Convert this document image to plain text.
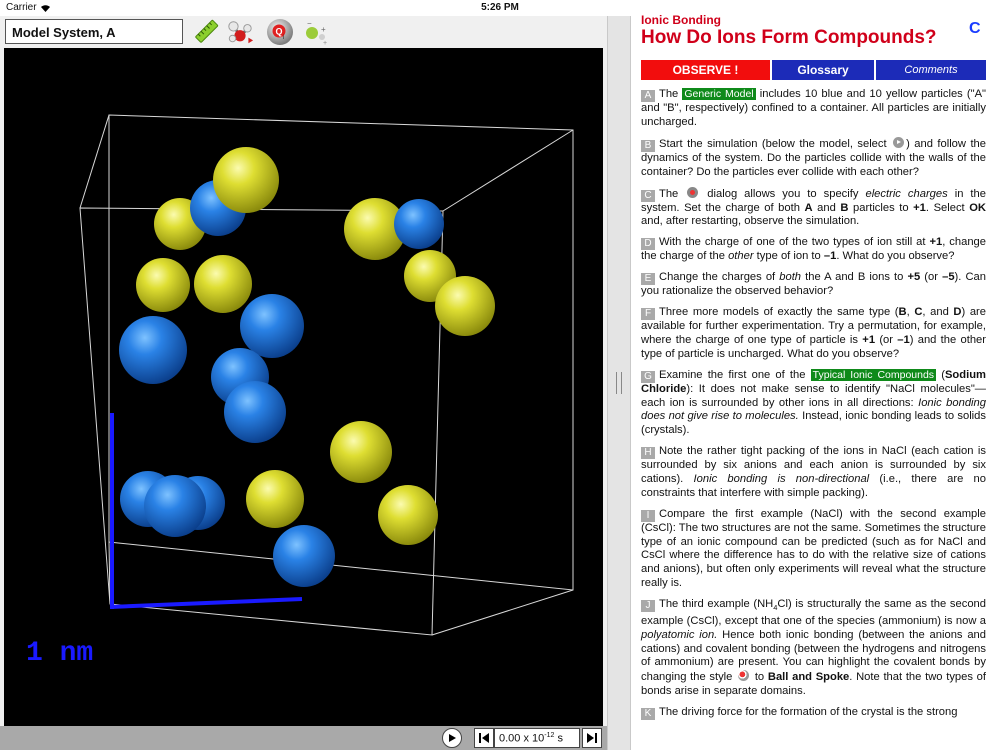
Carrier	5:26 PM
Model System, A	Q
i
−
+
+
1 nm
0.00 x $10^{-12}$ s
Ionic Bonding
How Do Ions Form Compounds? C
OBSERVE !	Glossary	Comments

A The Generic Model includes 10 blue and 10 yellow particles ("A" and "B", respectively) confined to a container. All particles are initially uncharged.

B Start the simulation (below the model, select ) and follow the dynamics of the system. Do the particles collide with the walls of the container? Do the particles ever collide with each other?

C The  dialog allows you to specify electric charges in the system. Set the charge of both A and B particles to +1. Select OK and, after restarting, observe the simulation.

D With the charge of one of the two types of ion still at +1, change the charge of the other type of ion to –1. What do you observe?

E Change the charges of both the A and B ions to +5 (or –5). Can you rationalize the observed behavior?

F Three more models of exactly the same type (B, C, and D) are available for further experimentation. Try a permutation, for example, where the charge of one type of particle is +1 (or –1) and the other type of particle is uncharged. What do you observe?

G Examine the first one of the Typical Ionic Compounds (Sodium Chloride): It does not make sense to identify "NaCl molecules"—each ion is surrounded by other ions in all directions: Ionic bonding does not give rise to molecules. Instead, ionic bonding leads to solids (crystals).

H Note the rather tight packing of the ions in NaCl (each cation is surrounded by six anions and each anion is surrounded by six cations). Ionic bonding is non-directional (i.e., there are no constraints that interfere with simple packing).

I Compare the first example (NaCl) with the second example (CsCl): The two structures are not the same. Sometimes the structure type of an ionic compound can be predicted (such as for NaCl and CsCl where the difference has to do with the relative size of cations and anions), but often only experiments will reveal what the structure really is.

J The third example $(NH_4Cl)$ is structurally the same as the second example (CsCl), except that one of the species (ammonium) is now a polyatomic ion. Hence both ionic bonding (between the anions and cations) and covalent bonding (between the hydrogens and nitrogens of ammonium) are present. You can highlight the covalent bonds by changing the style  to Ball and Spoke. Note that the two types of bonds arise in separate domains.

K The driving force for the formation of the crystal is the strong
